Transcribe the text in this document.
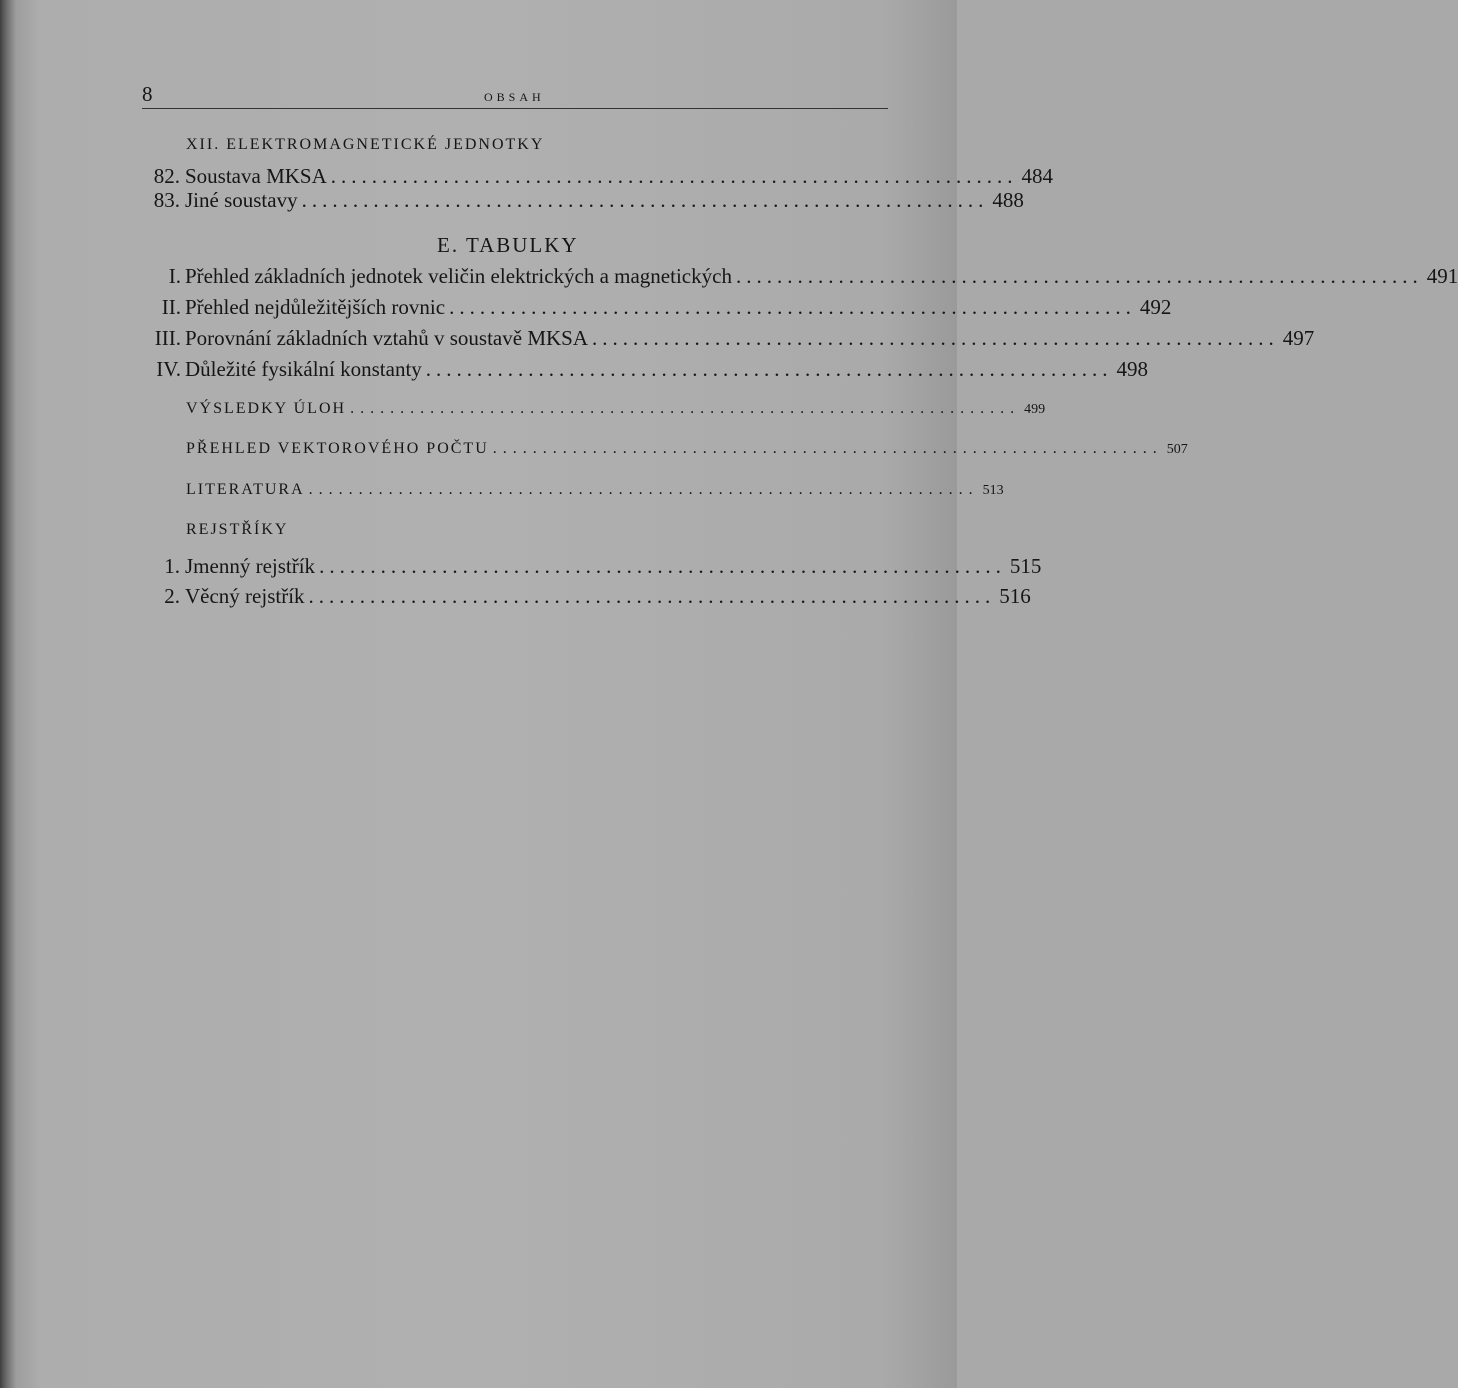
8	OBSAH
XII. ELEKTROMAGNETICKÉ JEDNOTKY
82. Soustava MKSA ................................................................... 484
83. Jiné soustavy ................................................................... 488
E. TABULKY
I. Přehled základních jednotek veličin elektrických a magnetických ................................................................... 491
II. Přehled nejdůležitějších rovnic ................................................................... 492
III. Porovnání základních vztahů v soustavě MKSA ................................................................... 497
IV. Důležité fysikální konstanty ................................................................... 498
VÝSLEDKY ÚLOH ................................................................... 499
PŘEHLED VEKTOROVÉHO POČTU ................................................................... 507
LITERATURA ................................................................... 513
REJSTŘÍKY
1. Jmenný rejstřík ................................................................... 515
2. Věcný rejstřík ................................................................... 516
